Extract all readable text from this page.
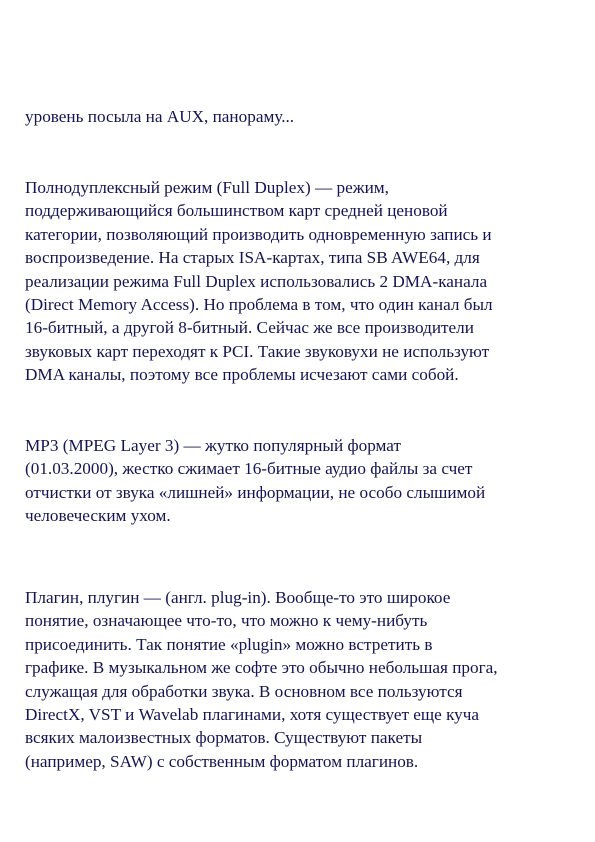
уровень посыла на AUX, панораму...

Полнодуплексный режим (Full Duplex) — режим,
поддерживающийся большинством карт средней ценовой
категории, позволяющий производить одновременную запись и
воспроизведение. На старых ISA-картах, типа SB AWE64, для
реализации режима Full Duplex использовались 2 DMA-канала
(Direct Memory Access). Но проблема в том, что один канал был
16-битный, а другой 8-битный. Сейчас же все производители
звуковых карт переходят к PCI. Такие звуковухи не используют
DMA каналы, поэтому все проблемы исчезают сами собой.

MP3 (MPEG Layer 3) — жутко популярный формат
(01.03.2000), жестко сжимает 16-битные аудио файлы за счет
отчистки от звука «лишней» информации, не особо слышимой
человеческим ухом.

Плагин, плугин — (англ. plug-in). Вообще-то это широкое
понятие, означающее что-то, что можно к чему-нибуть
присоединить. Так понятие «plugin» можно встретить в
графике. В музыкальном же софте это обычно небольшая прога,
служащая для обработки звука. В основном все пользуются
DirectX, VST и Wavelab плагинами, хотя существует еще куча
всяких малоизвестных форматов. Существуют пакеты
(например, SAW) с собственным форматом плагинов.
